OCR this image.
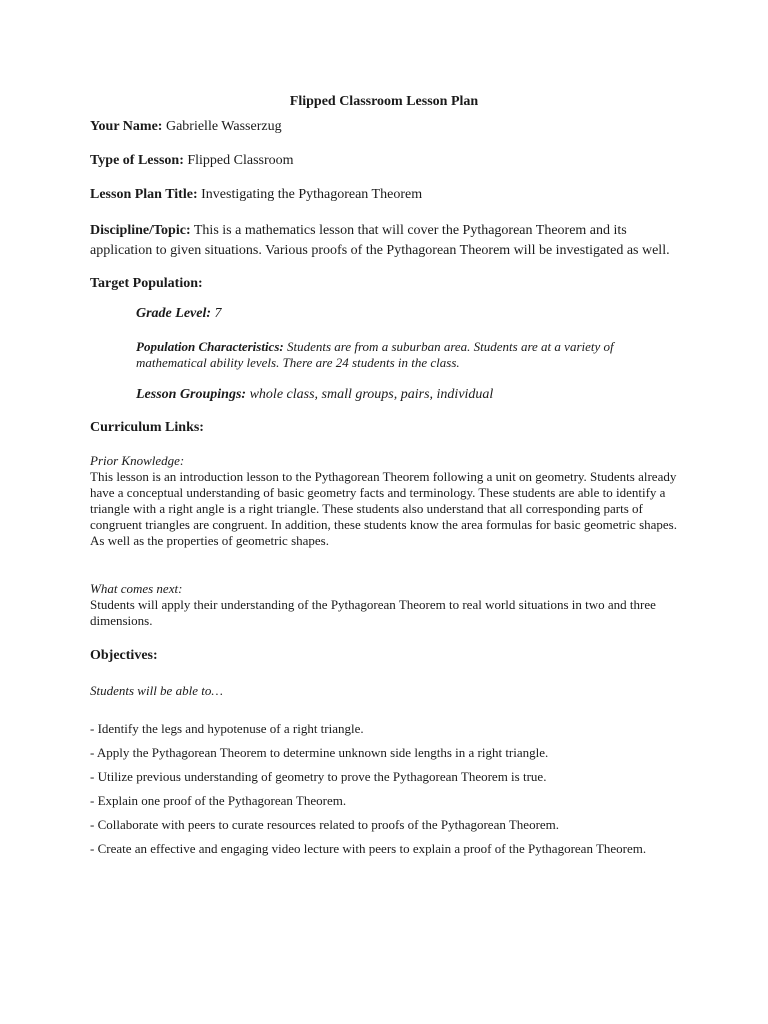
Flipped Classroom Lesson Plan
Your Name: Gabrielle Wasserzug
Type of Lesson: Flipped Classroom
Lesson Plan Title: Investigating the Pythagorean Theorem
Discipline/Topic: This is a mathematics lesson that will cover the Pythagorean Theorem and its application to given situations. Various proofs of the Pythagorean Theorem will be investigated as well.
Target Population:
Grade Level: 7
Population Characteristics: Students are from a suburban area. Students are at a variety of mathematical ability levels. There are 24 students in the class.
Lesson Groupings: whole class, small groups, pairs, individual
Curriculum Links:
Prior Knowledge:
This lesson is an introduction lesson to the Pythagorean Theorem following a unit on geometry. Students already have a conceptual understanding of basic geometry facts and terminology. These students are able to identify a triangle with a right angle is a right triangle. These students also understand that all corresponding parts of congruent triangles are congruent. In addition, these students know the area formulas for basic geometric shapes. As well as the properties of geometric shapes.
What comes next:
Students will apply their understanding of the Pythagorean Theorem to real world situations in two and three dimensions.
Objectives:
Students will be able to…
- Identify the legs and hypotenuse of a right triangle.
- Apply the Pythagorean Theorem to determine unknown side lengths in a right triangle.
- Utilize previous understanding of geometry to prove the Pythagorean Theorem is true.
- Explain one proof of the Pythagorean Theorem.
- Collaborate with peers to curate resources related to proofs of the Pythagorean Theorem.
- Create an effective and engaging video lecture with peers to explain a proof of the Pythagorean Theorem.
